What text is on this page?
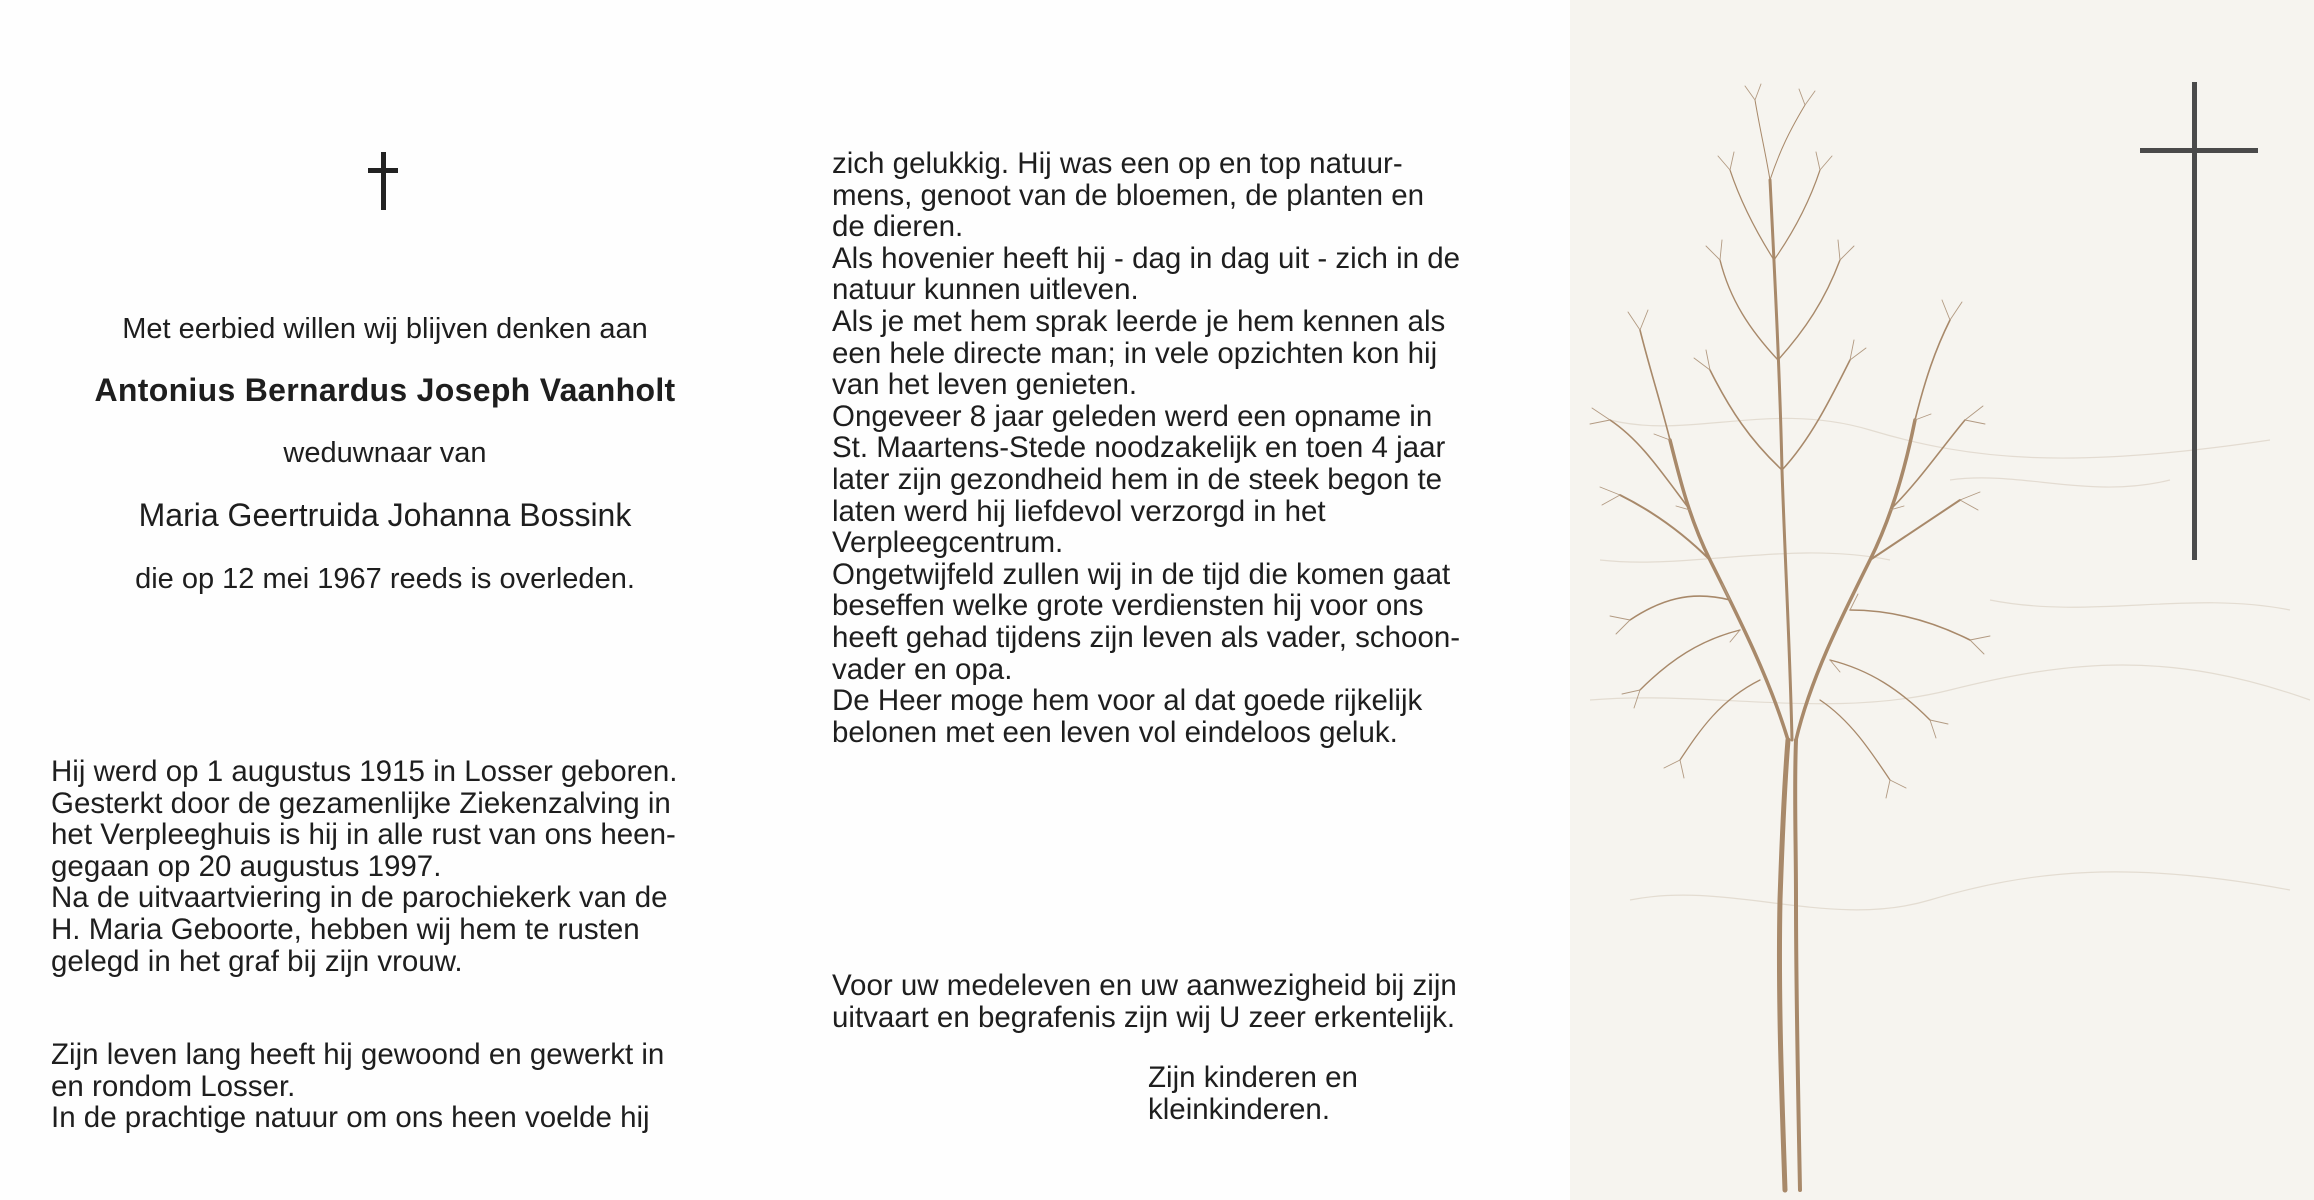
Met eerbied willen wij blijven denken aan
Antonius Bernardus Joseph Vaanholt
weduwnaar van
Maria Geertruida Johanna Bossink
die op 12 mei 1967 reeds is overleden.

Hij werd op 1 augustus 1915 in Losser geboren.

Gesterkt door de gezamenlijke Ziekenzalving in

het Verpleeghuis is hij in alle rust van ons heen-

gegaan op 20 augustus 1997.

Na de uitvaartviering in de parochiekerk van de

H. Maria Geboorte, hebben wij hem te rusten

gelegd in het graf bij zijn vrouw.

Zijn leven lang heeft hij gewoond en gewerkt in

en rondom Losser.

In de prachtige natuur om ons heen voelde hij

zich gelukkig. Hij was een op en top natuur-

mens, genoot van de bloemen, de planten en

de dieren.

Als hovenier heeft hij - dag in dag uit - zich in de

natuur kunnen uitleven.

Als je met hem sprak leerde je hem kennen als

een hele directe man; in vele opzichten kon hij

van het leven genieten.

Ongeveer 8 jaar geleden werd een opname in

St. Maartens-Stede noodzakelijk en toen 4 jaar

later zijn gezondheid hem in de steek begon te

laten werd hij liefdevol verzorgd in het

Verpleegcentrum.

Ongetwijfeld zullen wij in de tijd die komen gaat

beseffen welke grote verdiensten hij voor ons

heeft gehad tijdens zijn leven als vader, schoon-

vader en opa.

De Heer moge hem voor al dat goede rijkelijk

belonen met een leven vol eindeloos geluk.

Voor uw medeleven en uw aanwezigheid bij zijn

uitvaart en begrafenis zijn wij U zeer erkentelijk.

Zijn kinderen en
kleinkinderen.
